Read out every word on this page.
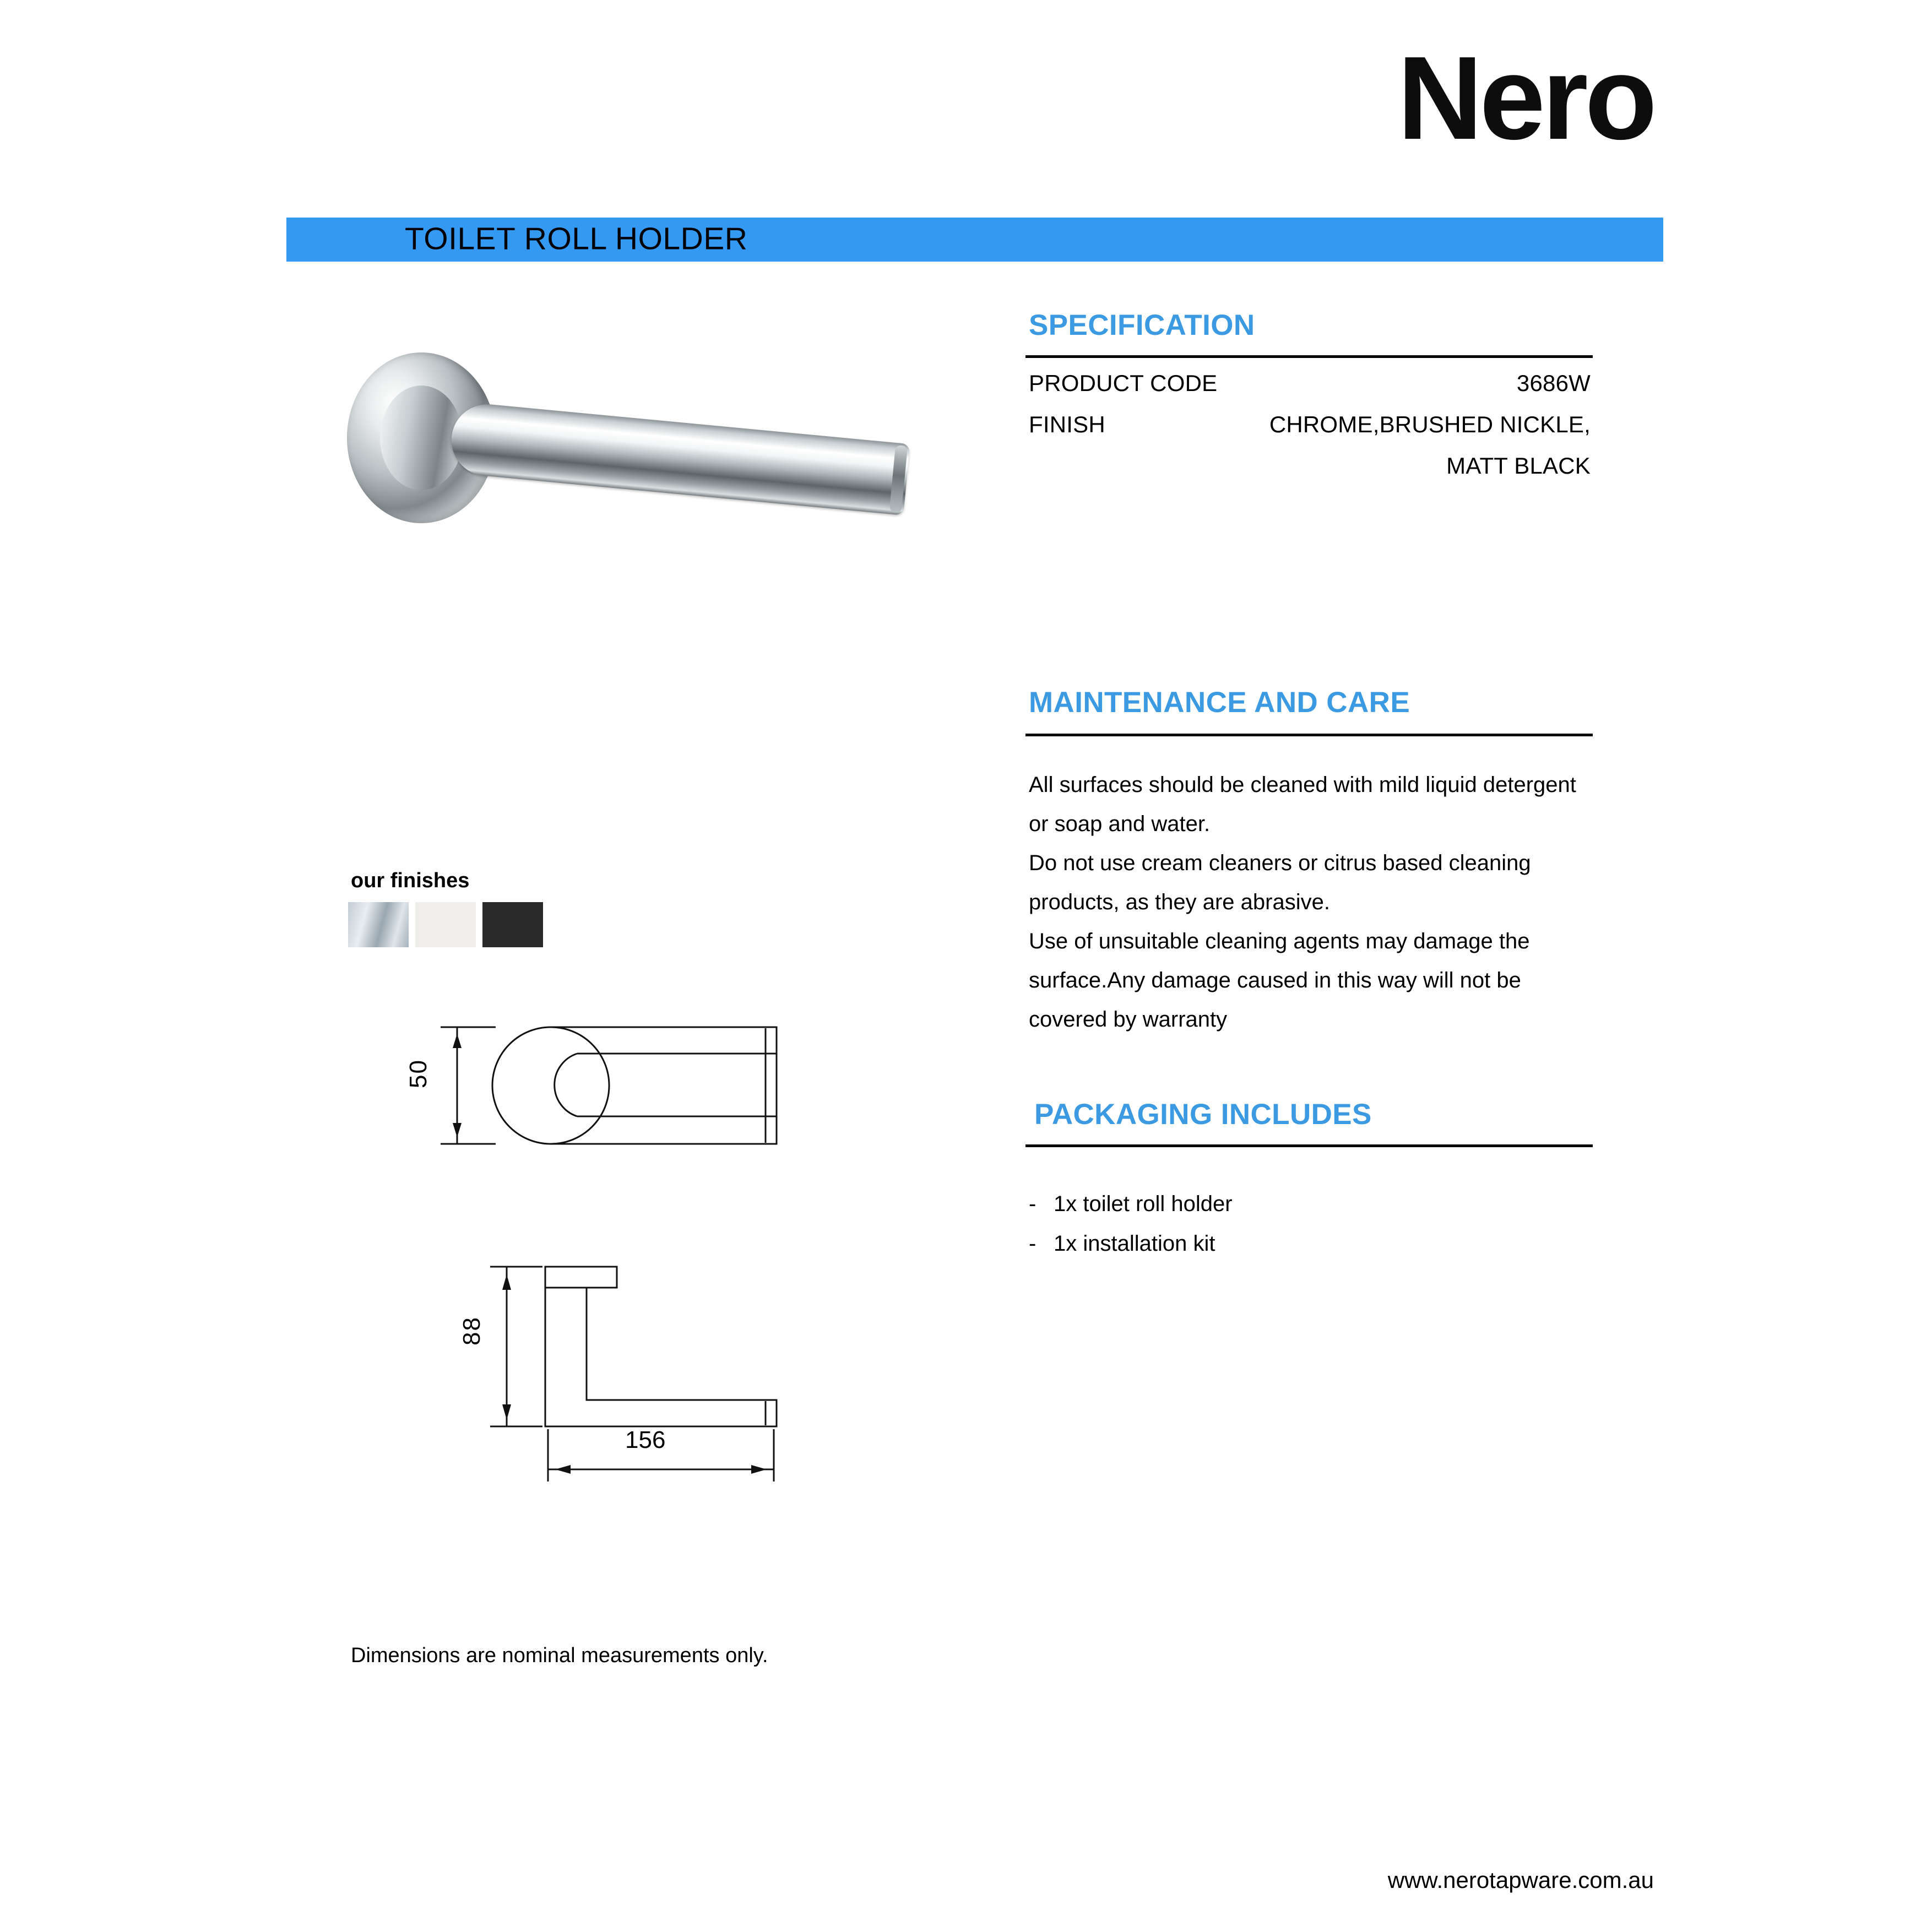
Nero
TOILET ROLL HOLDER
SPECIFICATION
PRODUCT CODE	3686W
FINISH	CHROME,BRUSHED NICKLE,
MATT BLACK
MAINTENANCE AND CARE
All surfaces should be cleaned with mild liquid detergent or soap and water.
Do not use cream cleaners or citrus based cleaning products, as they are abrasive.
Use of unsuitable cleaning agents may damage the surface.Any damage caused in this way will not be covered by warranty
PACKAGING INCLUDES
- 1x toilet roll holder
- 1x installation kit
our finishes
50
88
156
Dimensions are nominal measurements only.
www.nerotapware.com.au
